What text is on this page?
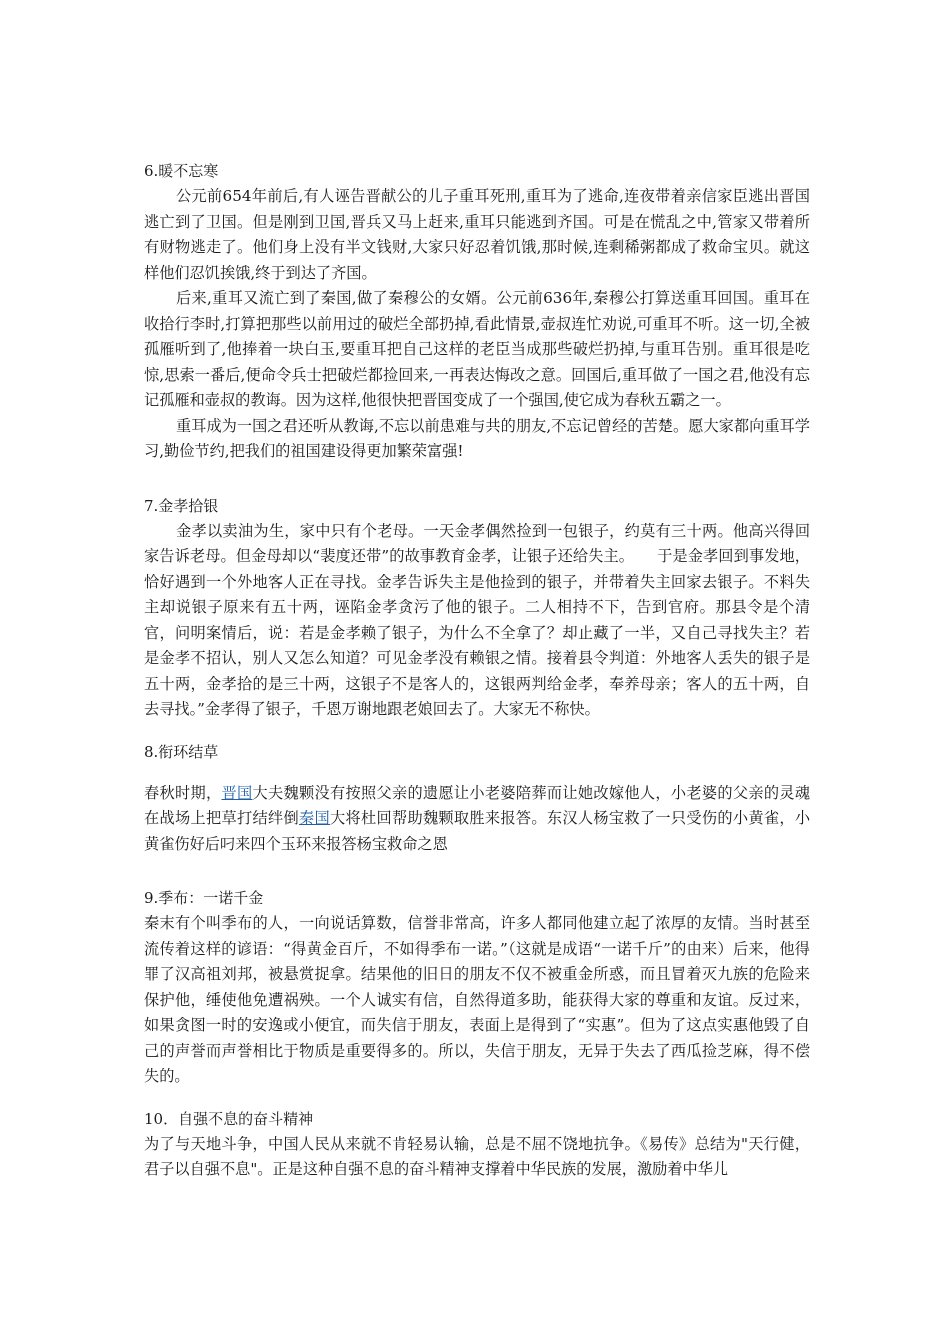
6.暖不忘寒

公元前654年前后,有人诬告晋献公的儿子重耳死刑,重耳为了逃命,连夜带着亲信家臣逃出晋国逃亡到了卫国。但是刚到卫国,晋兵又马上赶来,重耳只能逃到齐国。可是在慌乱之中,管家又带着所有财物逃走了。他们身上没有半文钱财,大家只好忍着饥饿,那时候,连剩稀粥都成了救命宝贝。就这样他们忍饥挨饿,终于到达了齐国。

后来,重耳又流亡到了秦国,做了秦穆公的女婿。公元前636年,秦穆公打算送重耳回国。重耳在收拾行李时,打算把那些以前用过的破烂全部扔掉,看此情景,壶叔连忙劝说,可重耳不听。这一切,全被孤雁听到了,他捧着一块白玉,要重耳把自己这样的老臣当成那些破烂扔掉,与重耳告别。重耳很是吃惊,思索一番后,便命令兵士把破烂都捡回来,一再表达悔改之意。回国后,重耳做了一国之君,他没有忘记孤雁和壶叔的教诲。因为这样,他很快把晋国变成了一个强国,使它成为春秋五霸之一。

重耳成为一国之君还听从教诲,不忘以前患难与共的朋友,不忘记曾经的苦楚。愿大家都向重耳学习,勤俭节约,把我们的祖国建设得更加繁荣富强!

7.金孝拾银

金孝以卖油为生，家中只有个老母。一天金孝偶然捡到一包银子，约莫有三十两。他高兴得回家告诉老母。但金母却以“裴度还带”的故事教育金孝，让银子还给失主。　　于是金孝回到事发地，恰好遇到一个外地客人正在寻找。金孝告诉失主是他捡到的银子，并带着失主回家去银子。不料失主却说银子原来有五十两，诬陷金孝贪污了他的银子。二人相持不下，告到官府。那县令是个清官，问明案情后，说：若是金孝赖了银子，为什么不全拿了？却止藏了一半，又自己寻找失主？若是金孝不招认，别人又怎么知道？可见金孝没有赖银之情。接着县令判道：外地客人丢失的银子是五十两，金孝拾的是三十两，这银子不是客人的，这银两判给金孝，奉养母亲；客人的五十两，自去寻找。”金孝得了银子，千恩万谢地跟老娘回去了。大家无不称快。

8.衔环结草

春秋时期，晋国大夫魏颗没有按照父亲的遗愿让小老婆陪葬而让她改嫁他人，小老婆的父亲的灵魂在战场上把草打结绊倒秦国大将杜回帮助魏颗取胜来报答。东汉人杨宝救了一只受伤的小黄雀，小黄雀伤好后叼来四个玉环来报答杨宝救命之恩

9.季布：一诺千金

秦末有个叫季布的人，一向说话算数，信誉非常高，许多人都同他建立起了浓厚的友情。当时甚至流传着这样的谚语：“得黄金百斤，不如得季布一诺。”（这就是成语“一诺千斤”的由来）后来，他得罪了汉高祖刘邦，被悬赏捉拿。结果他的旧日的朋友不仅不被重金所惑，而且冒着灭九族的危险来保护他，缍使他免遭祸殃。一个人诚实有信，自然得道多助，能获得大家的尊重和友谊。反过来，如果贪图一时的安逸或小便宜，而失信于朋友，表面上是得到了“实惠”。但为了这点实惠他毁了自己的声誉而声誉相比于物质是重要得多的。所以，失信于朋友，无异于失去了西瓜捡芝麻，得不偿失的。

10．自强不息的奋斗精神

为了与天地斗争，中国人民从来就不肯轻易认输，总是不屈不饶地抗争。《易传》总结为"天行健，君子以自强不息"。正是这种自强不息的奋斗精神支撑着中华民族的发展，激励着中华儿
